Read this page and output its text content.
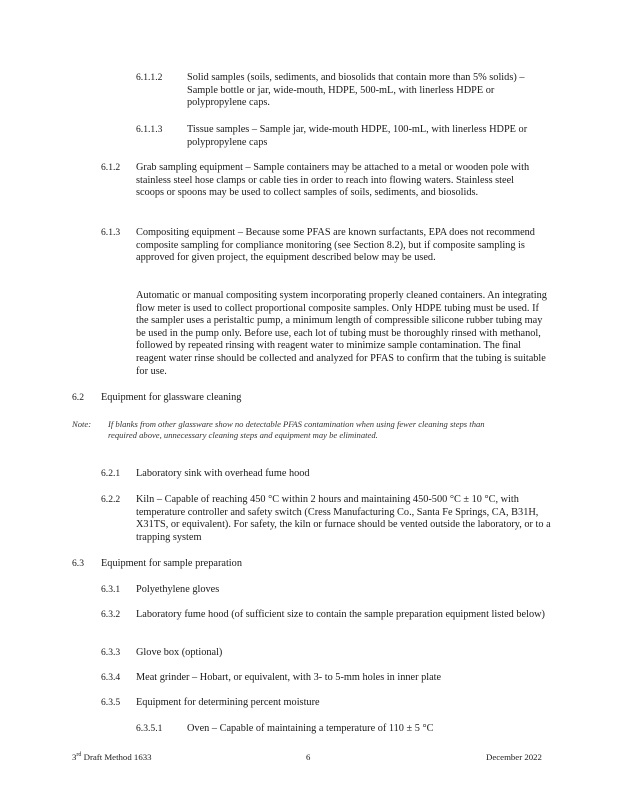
6.1.1.2 Solid samples (soils, sediments, and biosolids that contain more than 5% solids) – Sample bottle or jar, wide-mouth, HDPE, 500-mL, with linerless HDPE or polypropylene caps.
6.1.1.3 Tissue samples – Sample jar, wide-mouth HDPE, 100-mL, with linerless HDPE or polypropylene caps
6.1.2 Grab sampling equipment – Sample containers may be attached to a metal or wooden pole with stainless steel hose clamps or cable ties in order to reach into flowing waters. Stainless steel scoops or spoons may be used to collect samples of soils, sediments, and biosolids.
6.1.3 Compositing equipment – Because some PFAS are known surfactants, EPA does not recommend composite sampling for compliance monitoring (see Section 8.2), but if composite sampling is approved for given project, the equipment described below may be used.
Automatic or manual compositing system incorporating properly cleaned containers. An integrating flow meter is used to collect proportional composite samples. Only HDPE tubing must be used. If the sampler uses a peristaltic pump, a minimum length of compressible silicone rubber tubing may be used in the pump only. Before use, each lot of tubing must be thoroughly rinsed with methanol, followed by repeated rinsing with reagent water to minimize sample contamination. The final reagent water rinse should be collected and analyzed for PFAS to confirm that the tubing is suitable for use.
6.2 Equipment for glassware cleaning
Note: If blanks from other glassware show no detectable PFAS contamination when using fewer cleaning steps than required above, unnecessary cleaning steps and equipment may be eliminated.
6.2.1 Laboratory sink with overhead fume hood
6.2.2 Kiln – Capable of reaching 450 °C within 2 hours and maintaining 450-500 °C ± 10 °C, with temperature controller and safety switch (Cress Manufacturing Co., Santa Fe Springs, CA, B31H, X31TS, or equivalent). For safety, the kiln or furnace should be vented outside the laboratory, or to a trapping system
6.3 Equipment for sample preparation
6.3.1 Polyethylene gloves
6.3.2 Laboratory fume hood (of sufficient size to contain the sample preparation equipment listed below)
6.3.3 Glove box (optional)
6.3.4 Meat grinder – Hobart, or equivalent, with 3- to 5-mm holes in inner plate
6.3.5 Equipment for determining percent moisture
6.3.5.1 Oven – Capable of maintaining a temperature of 110 ± 5 °C
3rd Draft Method 1633	6	December 2022
